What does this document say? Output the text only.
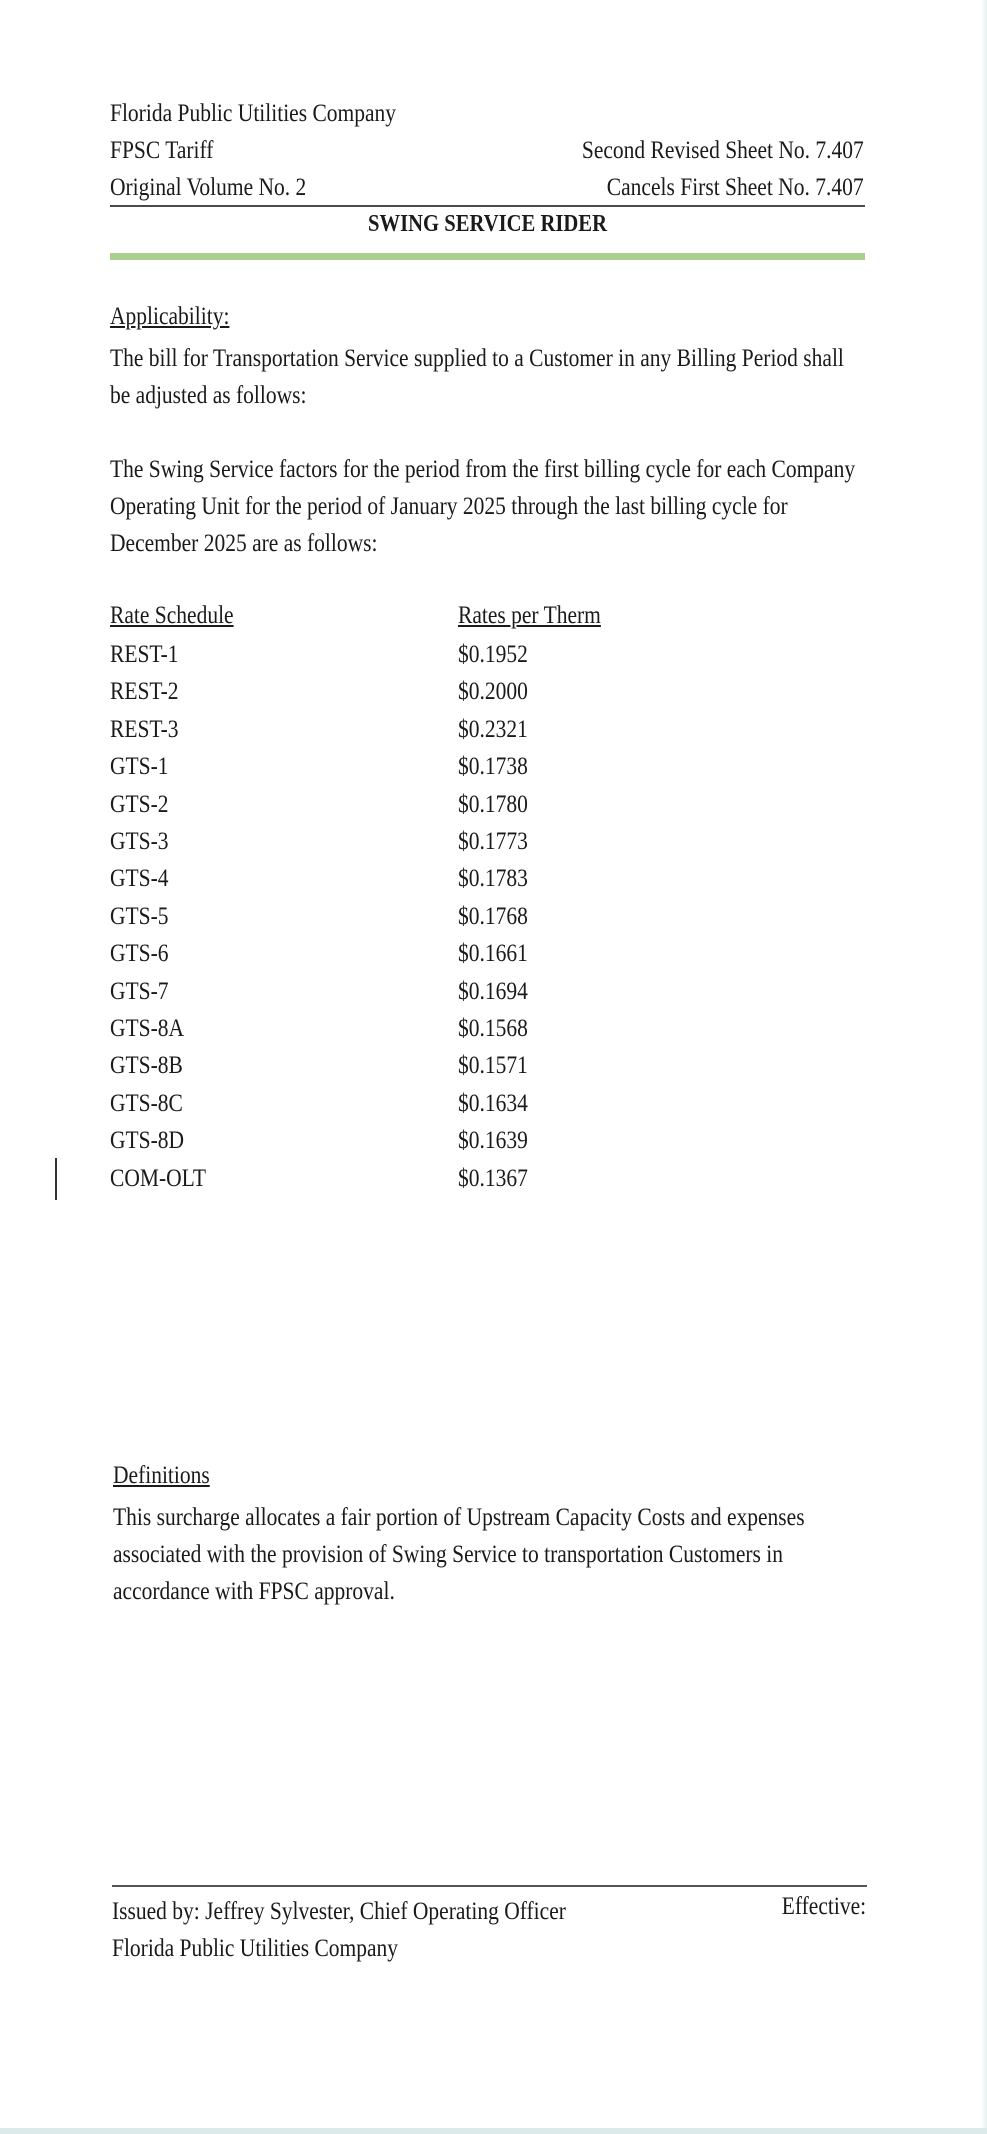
Florida Public Utilities Company
FPSC Tariff
Original Volume No. 2
Second Revised Sheet No. 7.407
Cancels First Sheet No. 7.407
SWING SERVICE RIDER
Applicability:
The bill for Transportation Service supplied to a Customer in any Billing Period shall be adjusted as follows:
The Swing Service factors for the period from the first billing cycle for each Company Operating Unit for the period of January 2025 through the last billing cycle for December 2025 are as follows:
Rate Schedule	Rates per Therm
REST-1	$0.1952
REST-2	$0.2000
REST-3	$0.2321
GTS-1	$0.1738
GTS-2	$0.1780
GTS-3	$0.1773
GTS-4	$0.1783
GTS-5	$0.1768
GTS-6	$0.1661
GTS-7	$0.1694
GTS-8A	$0.1568
GTS-8B	$0.1571
GTS-8C	$0.1634
GTS-8D	$0.1639
COM-OLT	$0.1367
Definitions
This surcharge allocates a fair portion of Upstream Capacity Costs and expenses associated with the provision of Swing Service to transportation Customers in accordance with FPSC approval.
Issued by: Jeffrey Sylvester, Chief Operating Officer
Florida Public Utilities Company
Effective:
